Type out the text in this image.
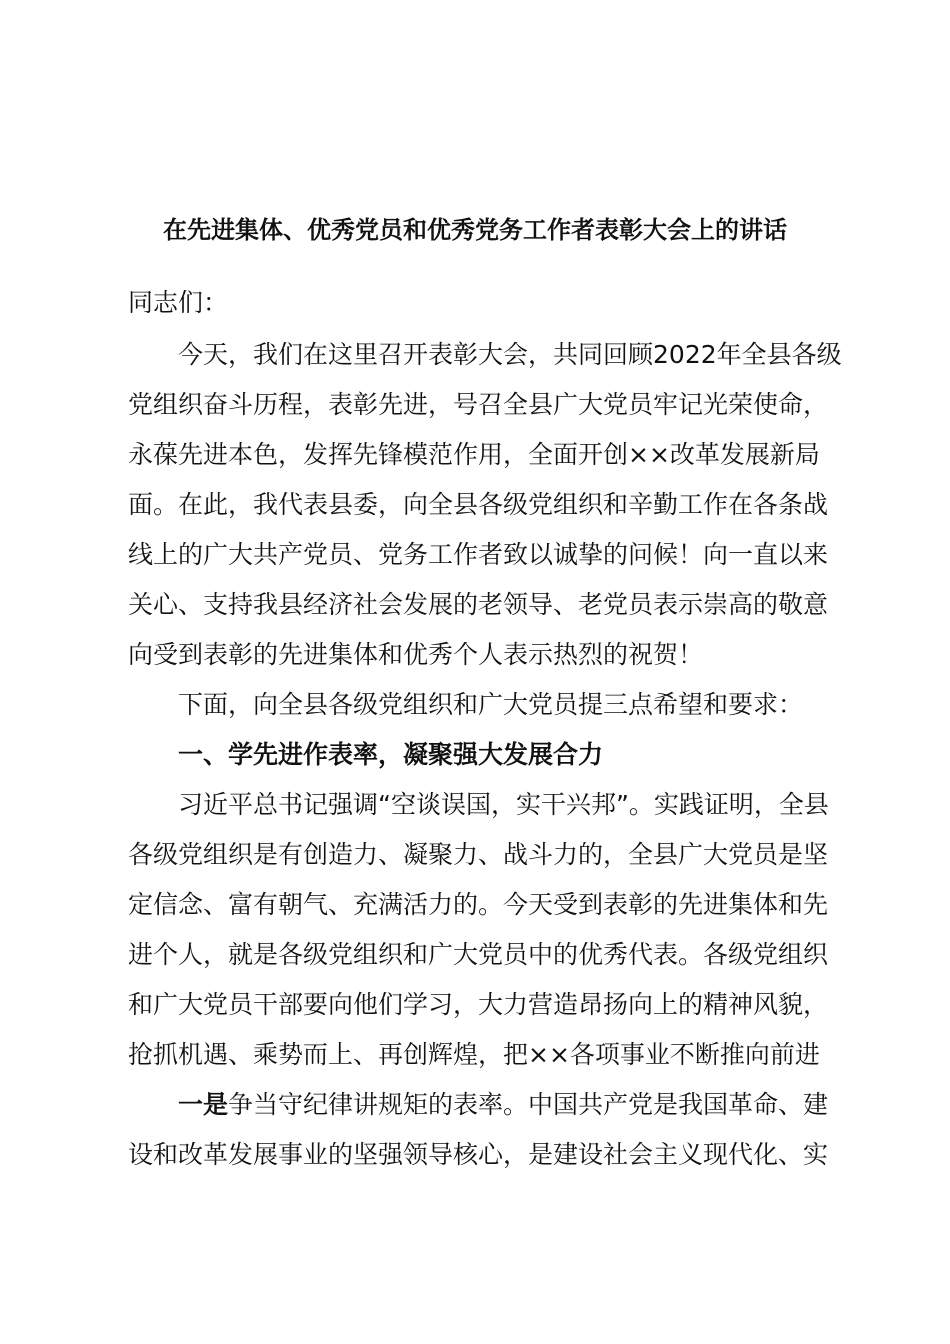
在先进集体、优秀党员和优秀党务工作者表彰大会上的讲话
同志们：
今天，我们在这里召开表彰大会，共同回顾2022年全县各级
党组织奋斗历程，表彰先进，号召全县广大党员牢记光荣使命，
永葆先进本色，发挥先锋模范作用，全面开创××改革发展新局
面。在此，我代表县委，向全县各级党组织和辛勤工作在各条战
线上的广大共产党员、党务工作者致以诚挚的问候！向一直以来
关心、支持我县经济社会发展的老领导、老党员表示崇高的敬意
向受到表彰的先进集体和优秀个人表示热烈的祝贺！
下面，向全县各级党组织和广大党员提三点希望和要求：
一、学先进作表率，凝聚强大发展合力
习近平总书记强调“空谈误国，实干兴邦”。实践证明，全县
各级党组织是有创造力、凝聚力、战斗力的，全县广大党员是坚
定信念、富有朝气、充满活力的。今天受到表彰的先进集体和先
进个人，就是各级党组织和广大党员中的优秀代表。各级党组织
和广大党员干部要向他们学习，大力营造昂扬向上的精神风貌，
抢抓机遇、乘势而上、再创辉煌，把××各项事业不断推向前进
一是争当守纪律讲规矩的表率。中国共产党是我国革命、建
设和改革发展事业的坚强领导核心，是建设社会主义现代化、实
